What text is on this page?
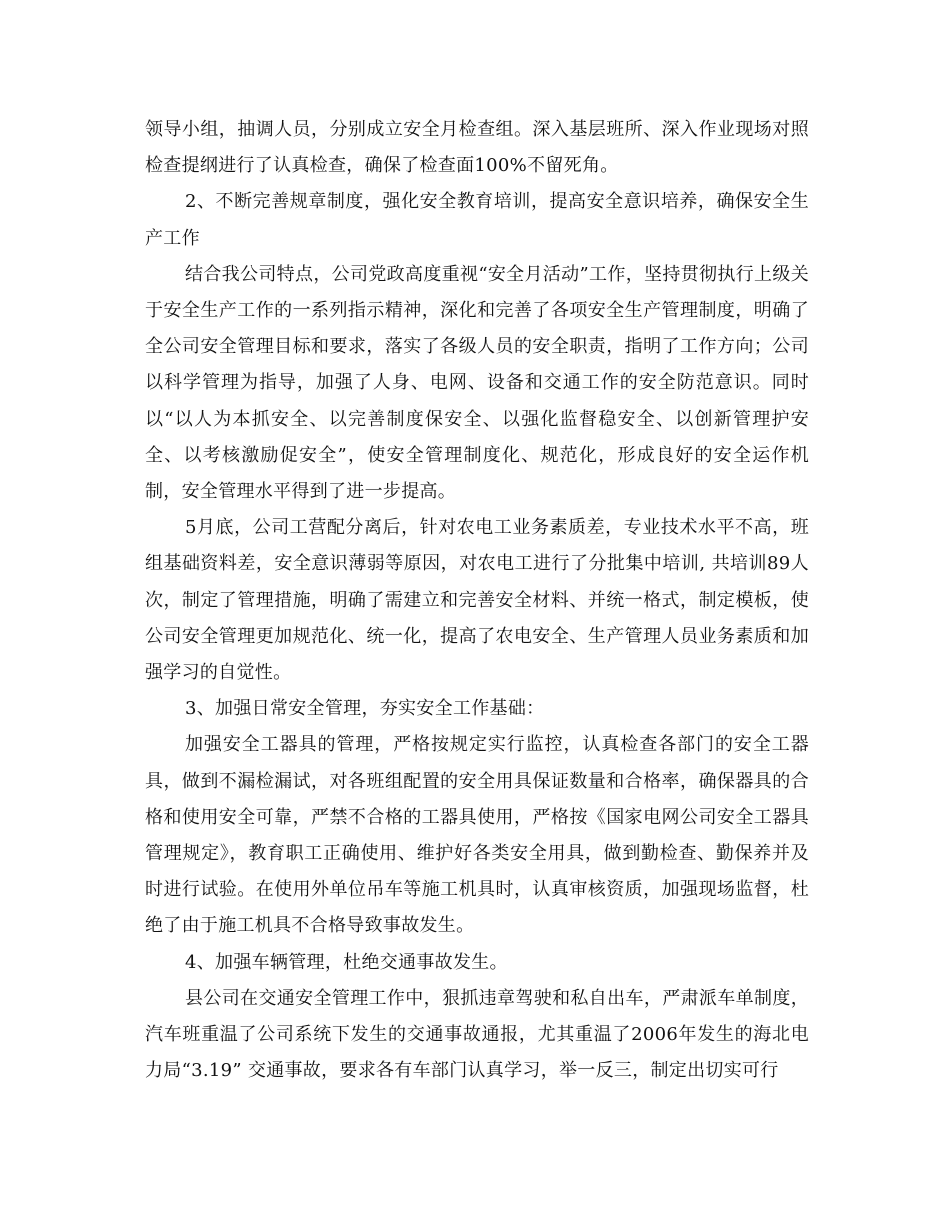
领导小组，抽调人员，分别成立安全月检查组。深入基层班所、深入作业现场对照检查提纲进行了认真检查，确保了检查面100%不留死角。

2、不断完善规章制度，强化安全教育培训，提高安全意识培养，确保安全生产工作

结合我公司特点，公司党政高度重视“安全月活动”工作，坚持贯彻执行上级关于安全生产工作的一系列指示精神，深化和完善了各项安全生产管理制度，明确了全公司安全管理目标和要求，落实了各级人员的安全职责，指明了工作方向；公司以科学管理为指导，加强了人身、电网、设备和交通工作的安全防范意识。同时以“以人为本抓安全、以完善制度保安全、以强化监督稳安全、以创新管理护安全、以考核激励促安全”，使安全管理制度化、规范化，形成良好的安全运作机制，安全管理水平得到了进一步提高。

5月底，公司工营配分离后，针对农电工业务素质差，专业技术水平不高，班组基础资料差，安全意识薄弱等原因，对农电工进行了分批集中培训, 共培训89人次，制定了管理措施，明确了需建立和完善安全材料、并统一格式，制定模板，使公司安全管理更加规范化、统一化，提高了农电安全、生产管理人员业务素质和加强学习的自觉性。

3、加强日常安全管理，夯实安全工作基础：

加强安全工器具的管理，严格按规定实行监控，认真检查各部门的安全工器具，做到不漏检漏试，对各班组配置的安全用具保证数量和合格率，确保器具的合格和使用安全可靠，严禁不合格的工器具使用，严格按《国家电网公司安全工器具管理规定》，教育职工正确使用、维护好各类安全用具，做到勤检查、勤保养并及时进行试验。在使用外单位吊车等施工机具时，认真审核资质，加强现场监督，杜绝了由于施工机具不合格导致事故发生。

4、加强车辆管理，杜绝交通事故发生。

县公司在交通安全管理工作中，狠抓违章驾驶和私自出车，严肃派车单制度，汽车班重温了公司系统下发生的交通事故通报，尤其重温了2006年发生的海北电力局“3.19” 交通事故，要求各有车部门认真学习，举一反三，制定出切实可行
